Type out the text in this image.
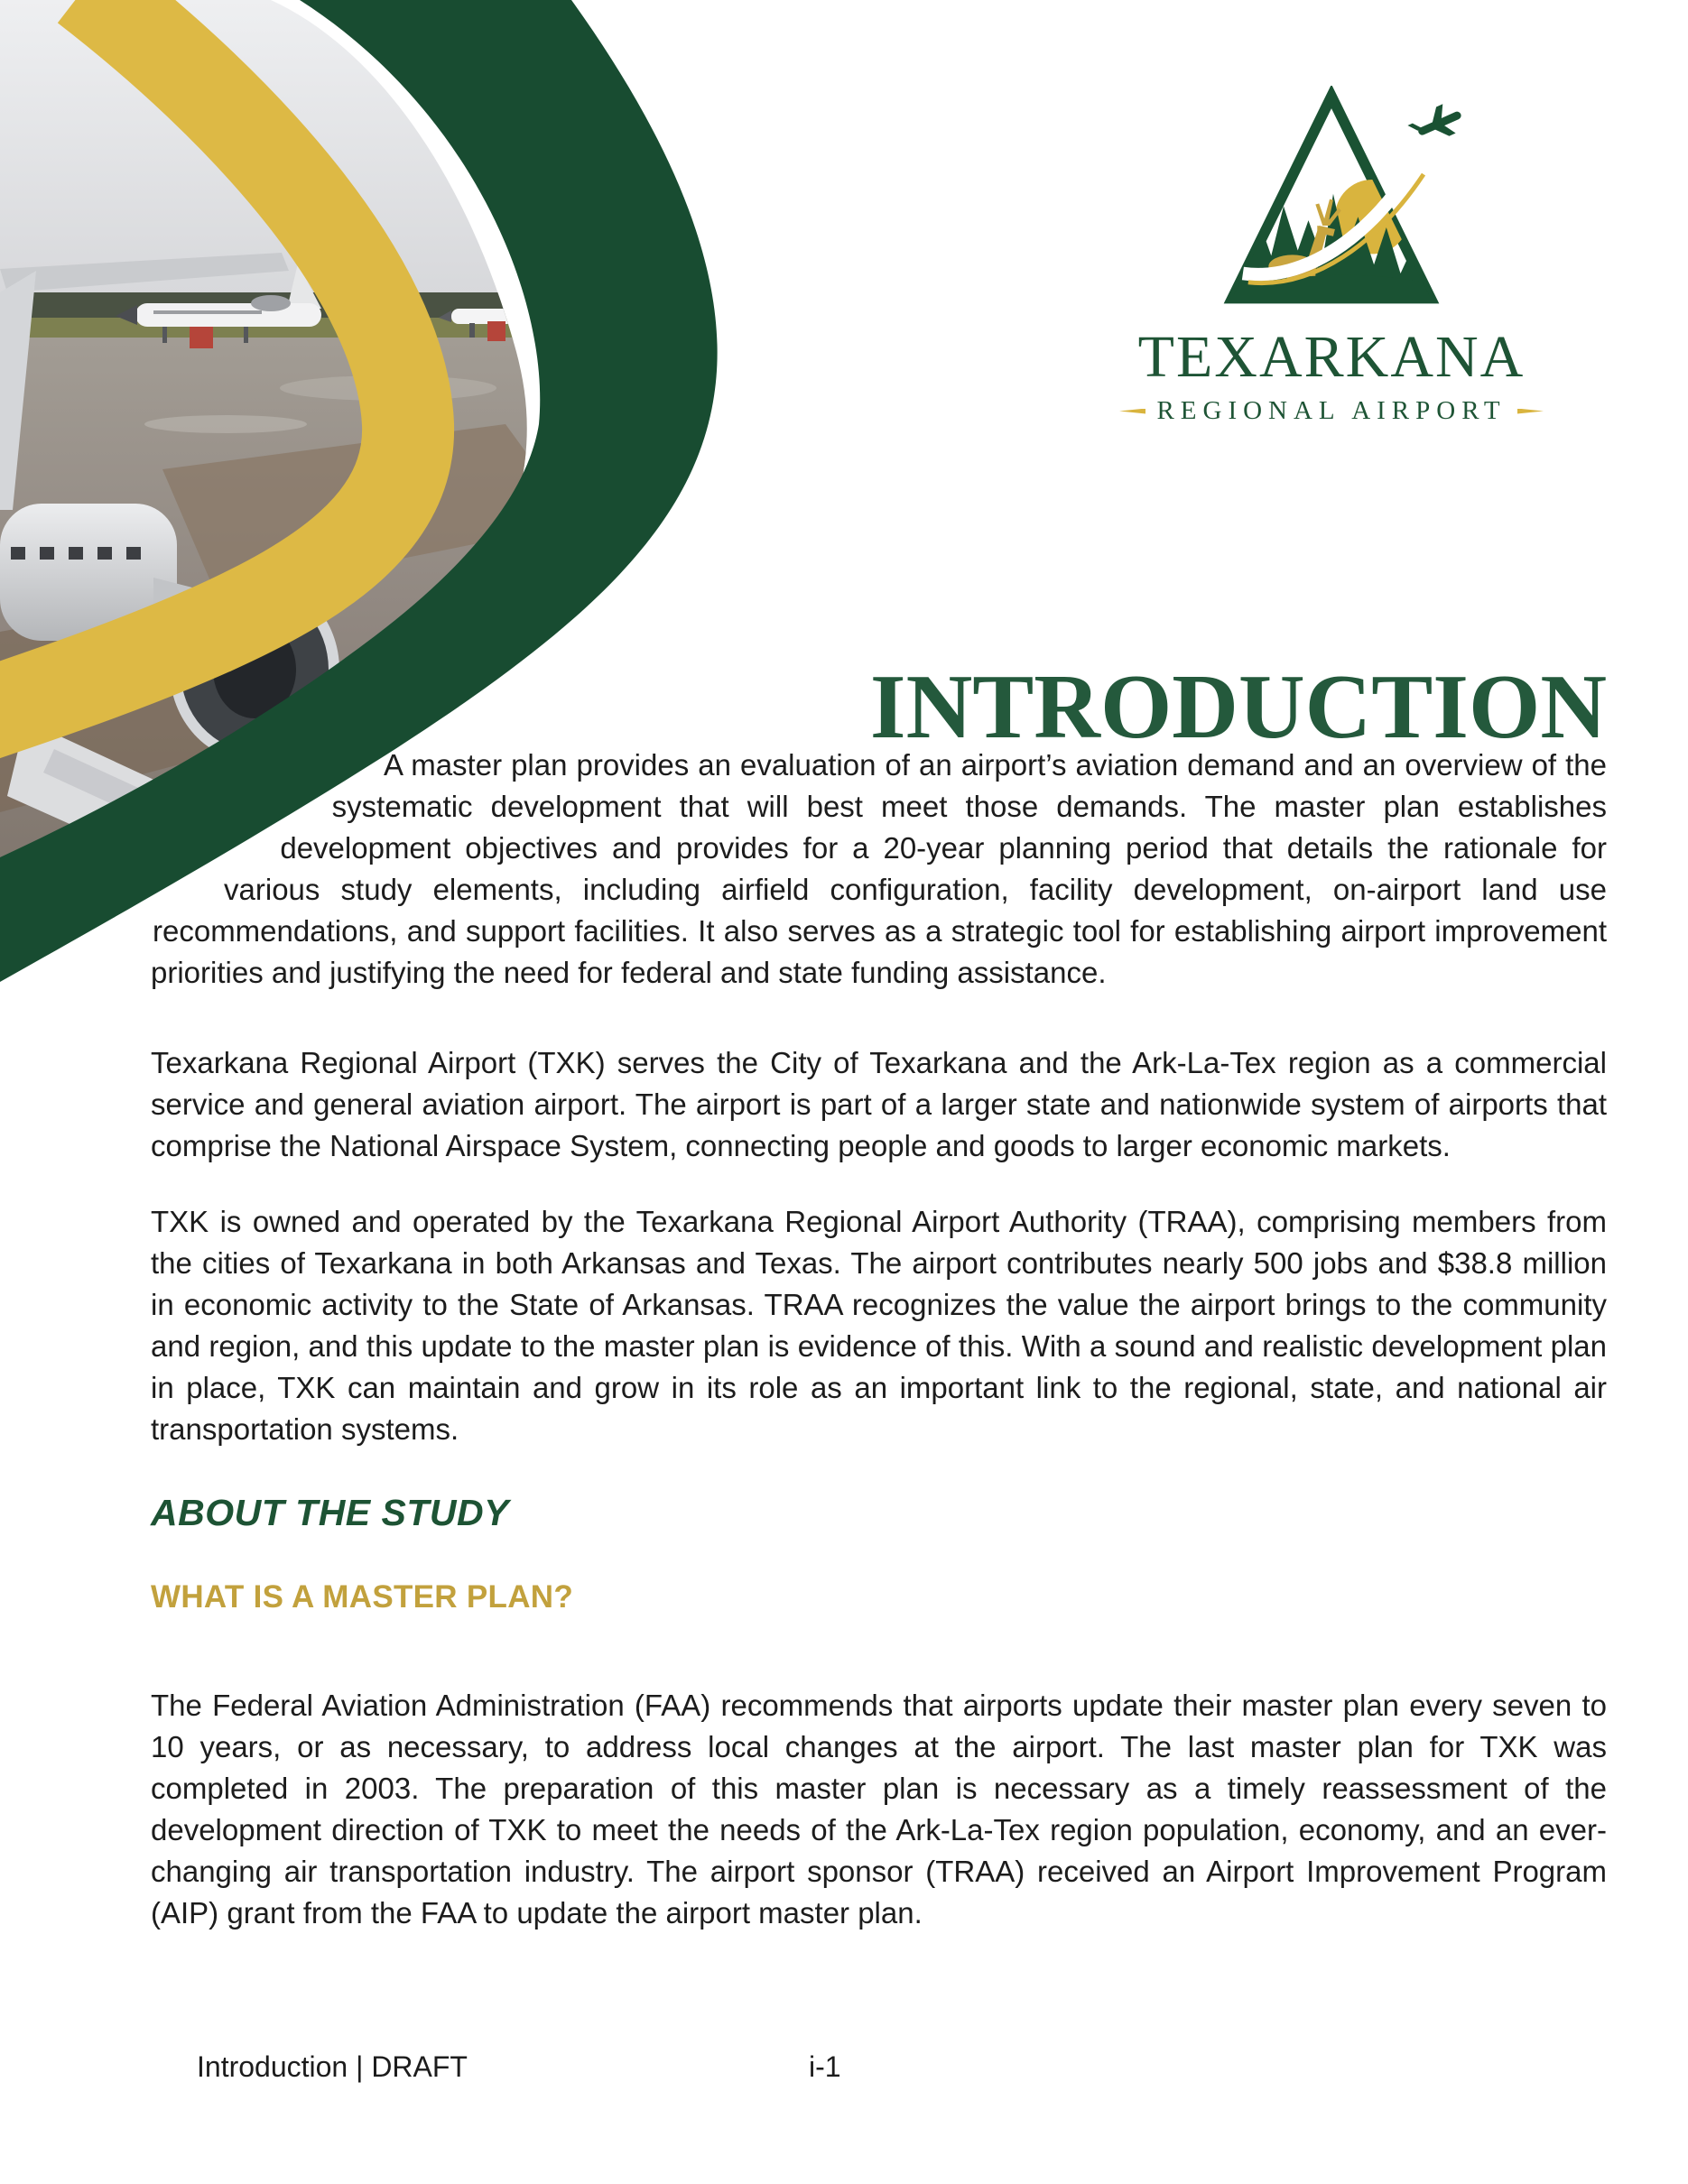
TEXARKANA
REGIONAL AIRPORT
INTRODUCTION

A master plan provides an evaluation of an airport’s aviation demand and an overview of the systematic development that will best meet those demands. The master plan establishes development objectives and provides for a 20-year planning period that details the rationale for various study elements, including airfield configuration, facility development, on-airport land use recommendations, and support facilities. It also serves as a strategic tool for establishing airport improvement priorities and justifying the need for federal and state funding assistance.

Texarkana Regional Airport (TXK) serves the City of Texarkana and the Ark-La-Tex region as a commercial service and general aviation airport. The airport is part of a larger state and nationwide system of airports that comprise the National Airspace System, connecting people and goods to larger economic markets.

TXK is owned and operated by the Texarkana Regional Airport Authority (TRAA), comprising members from the cities of Texarkana in both Arkansas and Texas. The airport contributes nearly 500 jobs and $38.8 million in economic activity to the State of Arkansas. TRAA recognizes the value the airport brings to the community and region, and this update to the master plan is evidence of this. With a sound and realistic development plan in place, TXK can maintain and grow in its role as an important link to the regional, state, and national air transportation systems.

ABOUT THE STUDY
WHAT IS A MASTER PLAN?

The Federal Aviation Administration (FAA) recommends that airports update their master plan every seven to 10 years, or as necessary, to address local changes at the airport. The last master plan for TXK was completed in 2003. The preparation of this master plan is necessary as a timely reassessment of the development direction of TXK to meet the needs of the Ark-La-Tex region population, economy, and an ever-changing air transportation industry. The airport sponsor (TRAA) received an Airport Improvement Program (AIP) grant from the FAA to update the airport master plan.

Introduction | DRAFT	i-1
